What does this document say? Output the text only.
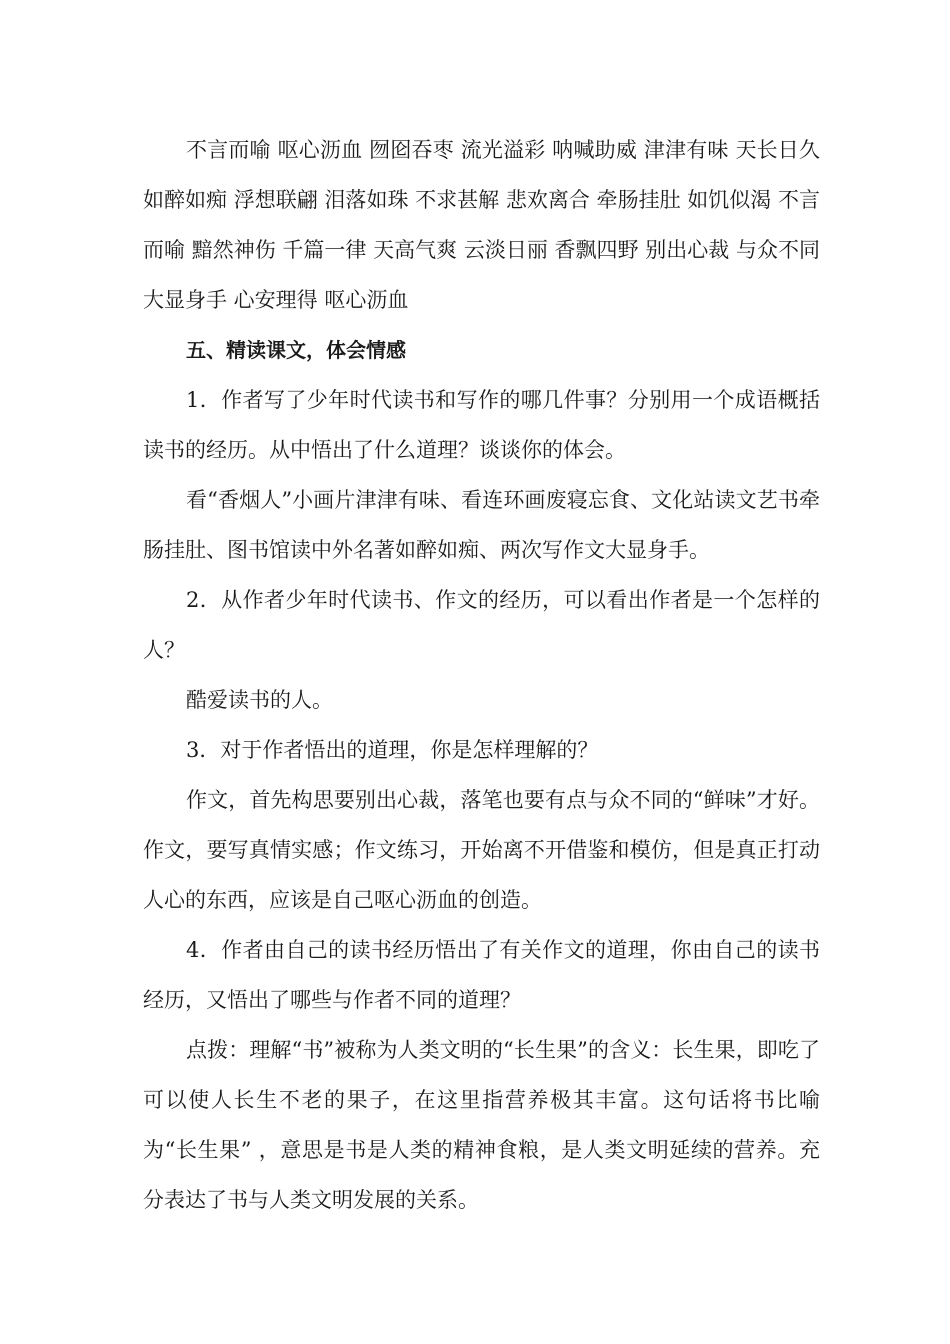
不言而喻 呕心沥血 囫囵吞枣 流光溢彩 呐喊助威 津津有味 天长日久 如醉如痴 浮想联翩 泪落如珠 不求甚解 悲欢离合 牵肠挂肚 如饥似渴 不言而喻 黯然神伤 千篇一律 天高气爽 云淡日丽 香飘四野 别出心裁 与众不同 大显身手 心安理得 呕心沥血

五、精读课文，体会情感

1．作者写了少年时代读书和写作的哪几件事？分别用一个成语概括读书的经历。从中悟出了什么道理？谈谈你的体会。

看“香烟人”小画片津津有味、看连环画废寝忘食、文化站读文艺书牵肠挂肚、图书馆读中外名著如醉如痴、两次写作文大显身手。

2．从作者少年时代读书、作文的经历，可以看出作者是一个怎样的人？

酷爱读书的人。

3．对于作者悟出的道理，你是怎样理解的？

作文，首先构思要别出心裁，落笔也要有点与众不同的“鲜味”才好。作文，要写真情实感；作文练习，开始离不开借鉴和模仿，但是真正打动人心的东西，应该是自己呕心沥血的创造。

4．作者由自己的读书经历悟出了有关作文的道理，你由自己的读书经历，又悟出了哪些与作者不同的道理？

点拨：理解“书”被称为人类文明的“长生果”的含义：长生果，即吃了可以使人长生不老的果子，在这里指营养极其丰富。这句话将书比喻为“长生果” ，意思是书是人类的精神食粮，是人类文明延续的营养。充分表达了书与人类文明发展的关系。
